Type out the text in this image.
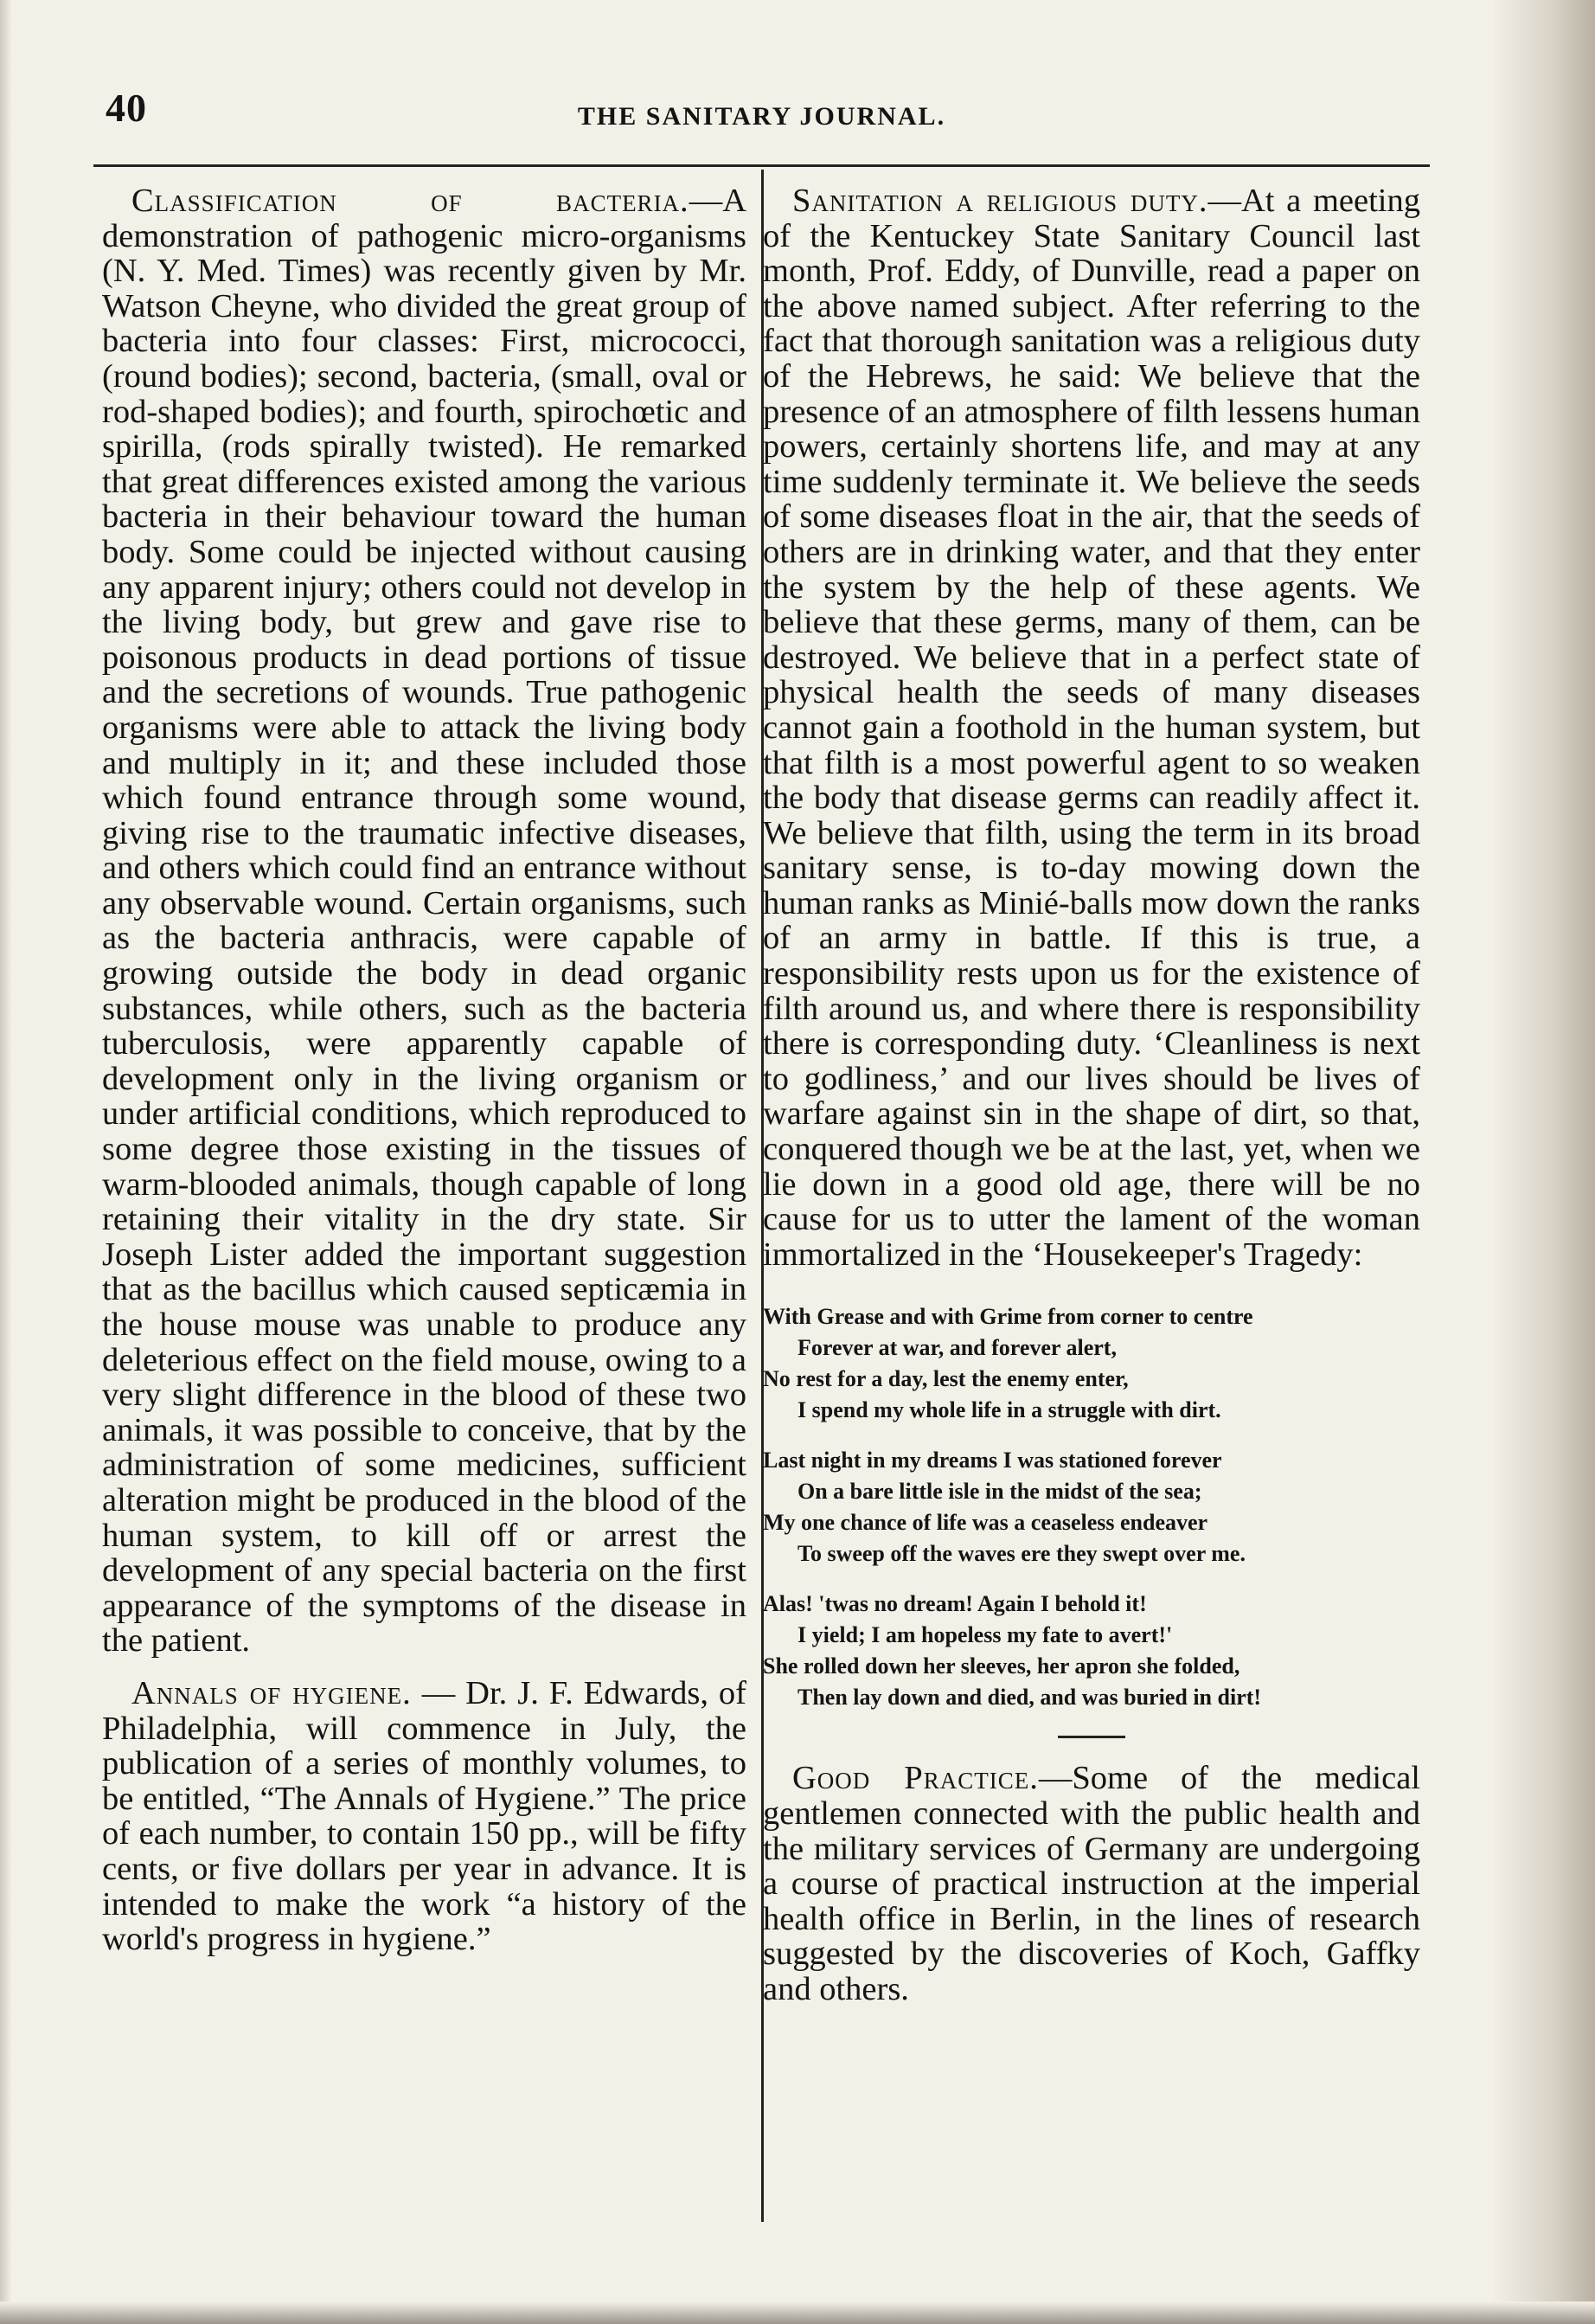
40	THE SANITARY JOURNAL.

Classification of bacteria.—A demonstration of pathogenic micro-organisms (N. Y. Med. Times) was recently given by Mr. Watson Cheyne, who divided the great group of bacteria into four classes: First, micrococci, (round bodies); second, bacteria, (small, oval or rod-shaped bodies); and fourth, spirochœtic and spirilla, (rods spirally twisted). He remarked that great differences existed among the various bacteria in their behaviour toward the human body. Some could be injected without causing any apparent injury; others could not develop in the living body, but grew and gave rise to poisonous products in dead portions of tissue and the secretions of wounds. True pathogenic organisms were able to attack the living body and multiply in it; and these included those which found entrance through some wound, giving rise to the traumatic infective diseases, and others which could find an entrance without any observable wound. Certain organisms, such as the bacteria anthracis, were capable of growing outside the body in dead organic substances, while others, such as the bacteria tuberculosis, were apparently capable of development only in the living organism or under artificial conditions, which reproduced to some degree those existing in the tissues of warm-blooded animals, though capable of long retaining their vitality in the dry state. Sir Joseph Lister added the important suggestion that as the bacillus which caused septicæmia in the house mouse was unable to produce any deleterious effect on the field mouse, owing to a very slight difference in the blood of these two animals, it was possible to conceive, that by the administration of some medicines, sufficient alteration might be produced in the blood of the human system, to kill off or arrest the development of any special bacteria on the first appearance of the symptoms of the disease in the patient.

Annals of hygiene. — Dr. J. F. Edwards, of Philadelphia, will commence in July, the publication of a series of monthly volumes, to be entitled, “The Annals of Hygiene.” The price of each number, to contain 150 pp., will be fifty cents, or five dollars per year in advance. It is intended to make the work “a history of the world's progress in hygiene.”

Sanitation a religious duty.—At a meeting of the Kentuckey State Sanitary Council last month, Prof. Eddy, of Dunville, read a paper on the above named subject. After referring to the fact that thorough sanitation was a religious duty of the Hebrews, he said: We believe that the presence of an atmosphere of filth lessens human powers, certainly shortens life, and may at any time suddenly terminate it. We believe the seeds of some diseases float in the air, that the seeds of others are in drinking water, and that they enter the system by the help of these agents. We believe that these germs, many of them, can be destroyed. We believe that in a perfect state of physical health the seeds of many diseases cannot gain a foothold in the human system, but that filth is a most powerful agent to so weaken the body that disease germs can readily affect it. We believe that filth, using the term in its broad sanitary sense, is to-day mowing down the human ranks as Minié-balls mow down the ranks of an army in battle. If this is true, a responsibility rests upon us for the existence of filth around us, and where there is responsibility there is corresponding duty. ‘Cleanliness is next to godliness,’ and our lives should be lives of warfare against sin in the shape of dirt, so that, conquered though we be at the last, yet, when we lie down in a good old age, there will be no cause for us to utter the lament of the woman immortalized in the ‘Housekeeper's Tragedy:

With Grease and with Grime from corner to centre
Forever at war, and forever alert,
No rest for a day, lest the enemy enter,
I spend my whole life in a struggle with dirt.
Last night in my dreams I was stationed forever
On a bare little isle in the midst of the sea;
My one chance of life was a ceaseless endeaver
To sweep off the waves ere they swept over me.
Alas! 'twas no dream! Again I behold it!
I yield; I am hopeless my fate to avert!'
She rolled down her sleeves, her apron she folded,
Then lay down and died, and was buried in dirt!

Good Practice.—Some of the medical gentlemen connected with the public health and the military services of Germany are undergoing a course of practical instruction at the imperial health office in Berlin, in the lines of research suggested by the discoveries of Koch, Gaffky and others.
